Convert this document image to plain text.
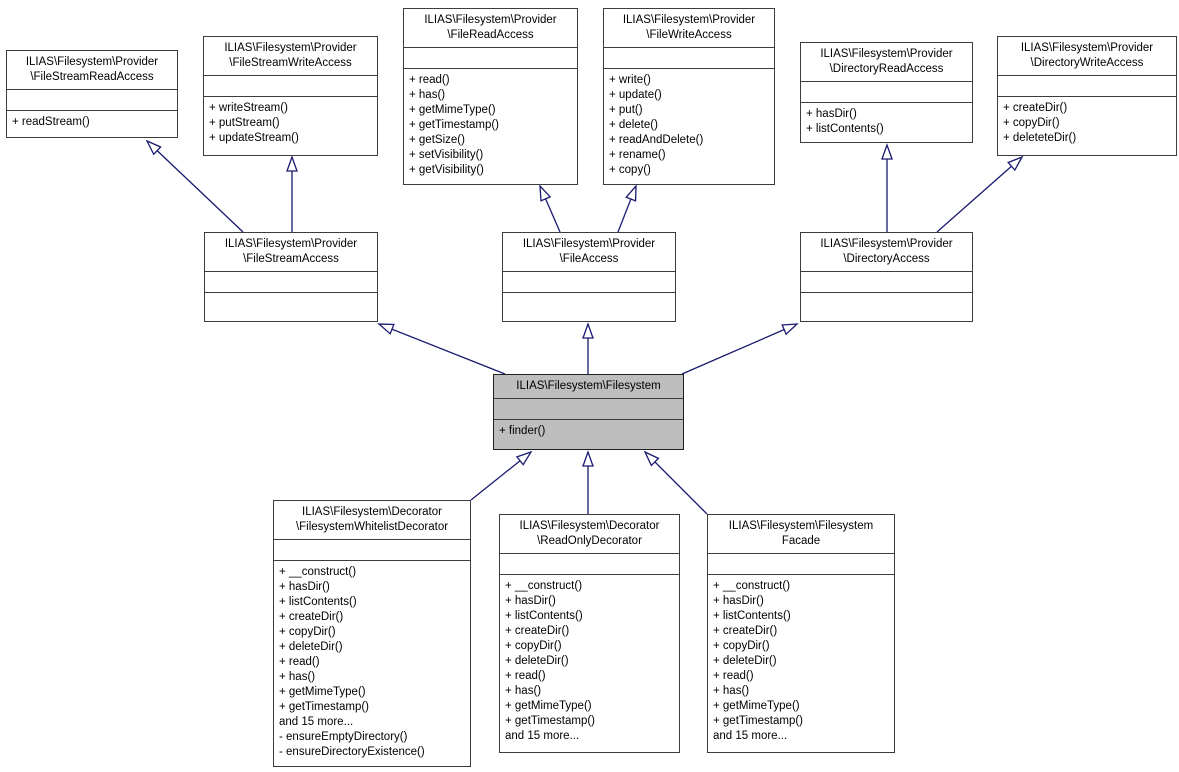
ILIAS\Filesystem\Provider
\FileStreamReadAccess
+ readStream()
ILIAS\Filesystem\Provider
\FileStreamWriteAccess
+ writeStream()
+ putStream()
+ updateStream()
ILIAS\Filesystem\Provider
\FileReadAccess
+ read()
+ has()
+ getMimeType()
+ getTimestamp()
+ getSize()
+ setVisibility()
+ getVisibility()
ILIAS\Filesystem\Provider
\FileWriteAccess
+ write()
+ update()
+ put()
+ delete()
+ readAndDelete()
+ rename()
+ copy()
ILIAS\Filesystem\Provider
\DirectoryReadAccess
+ hasDir()
+ listContents()
ILIAS\Filesystem\Provider
\DirectoryWriteAccess
+ createDir()
+ copyDir()
+ deleteteDir()
ILIAS\Filesystem\Provider
\FileStreamAccess
ILIAS\Filesystem\Provider
\FileAccess
ILIAS\Filesystem\Provider
\DirectoryAccess
ILIAS\Filesystem\Filesystem
+ finder()
ILIAS\Filesystem\Decorator
\FilesystemWhitelistDecorator
+ __construct()
+ hasDir()
+ listContents()
+ createDir()
+ copyDir()
+ deleteDir()
+ read()
+ has()
+ getMimeType()
+ getTimestamp()
and 15 more...
- ensureEmptyDirectory()
- ensureDirectoryExistence()
ILIAS\Filesystem\Decorator
\ReadOnlyDecorator
+ __construct()
+ hasDir()
+ listContents()
+ createDir()
+ copyDir()
+ deleteDir()
+ read()
+ has()
+ getMimeType()
+ getTimestamp()
and 15 more...
ILIAS\Filesystem\Filesystem
Facade
+ __construct()
+ hasDir()
+ listContents()
+ createDir()
+ copyDir()
+ deleteDir()
+ read()
+ has()
+ getMimeType()
+ getTimestamp()
and 15 more...
